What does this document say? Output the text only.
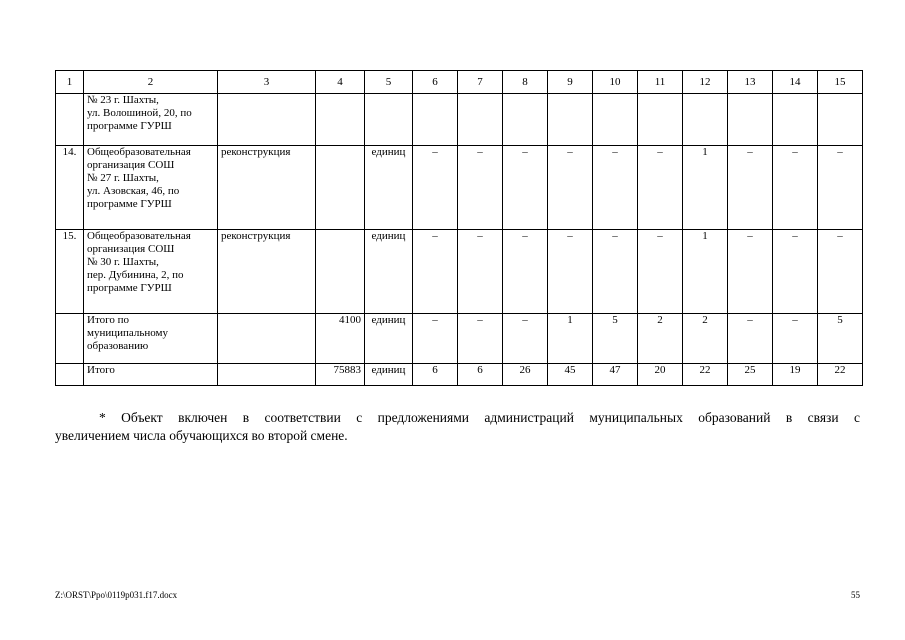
1	2	3	4	5	6	7	8	9	10	11	12	13	14	15

	№ 23 г. Шахты,
ул. Волошиной, 20, по
программе ГУРШ													

14.	Общеобразовательная
организация СОШ
№ 27 г. Шахты,
ул. Азовская, 46, по
программе ГУРШ	реконструкция		единиц	–	–	–	–	–	–	1	–	–	–
15.	Общеобразовательная
организация СОШ
№ 30 г. Шахты,
пер. Дубинина, 2, по
программе ГУРШ	реконструкция		единиц	–	–	–	–	–	–	1	–	–	–

	Итого по
муниципальному
образованию		4100	единиц	–	–	–	1	5	2	2	–	–	5
	Итого		75883	единиц	6	6	26	45	47	20	22	25	19	22
* Объект включен в соответствии с предложениями администраций муниципальных образований в связи с
увеличением числа обучающихся во второй смене.
Z:\ORST\Ppo\0119p031.f17.docx	55
